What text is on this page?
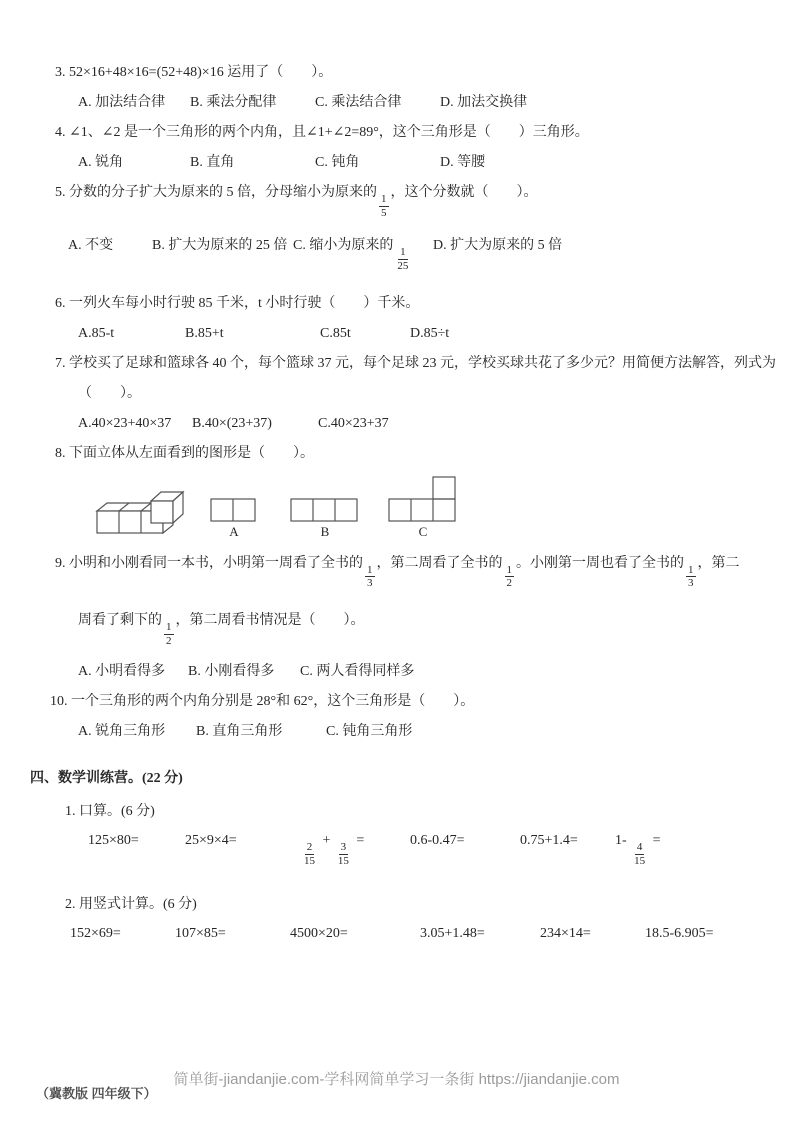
3. 52×16+48×16=(52+48)×16 运用了（　　）。
A. 加法结合律	B. 乘法分配律	C. 乘法结合律	D. 加法交换律
4. ∠1、∠2 是一个三角形的两个内角，且∠1+∠2=89°，这个三角形是（　　）三角形。
A. 锐角	B. 直角	C. 钝角	D. 等腰
5. 分数的分子扩大为原来的 5 倍，分母缩小为原来的
$\frac{1}{5}$
，这个分数就（　　）。
A. 不变	B. 扩大为原来的 25 倍 C. 缩小为原来的
$\frac{1}{25}$
D. 扩大为原来的 5 倍
6. 一列火车每小时行驶 85 千米，t 小时行驶（　　）千米。
A.85-t	B.85+t	C.85t	D.85÷t
7. 学校买了足球和篮球各 40 个，每个篮球 37 元，每个足球 23 元，学校买球共花了多少元？用简便方法解答，列式为
（　　）。
A.40×23+40×37	B.40×(23+37)	C.40×23+37
8. 下面立体从左面看到的图形是（　　）。
A	B	C
9. 小明和小刚看同一本书，小明第一周看了全书的
$\frac{1}{3}$
，第二周看了全书的
$\frac{1}{2}$
。小刚第一周也看了全书的
$\frac{1}{3}$
，第二
周看了剩下的
$\frac{1}{2}$
，第二周看书情况是（　　）。
A. 小明看得多	B. 小刚看得多	C. 两人看得同样多
10. 一个三角形的两个内角分别是 28°和 62°，这个三角形是（　　）。
A. 锐角三角形	B. 直角三角形	C. 钝角三角形
四、数学训练营。(22 分)
1. 口算。(6 分)
125×80=	25×9×4=
$\frac{2}{15}$
+
$\frac{3}{15}$
=	0.6-0.47=	0.75+1.4=	1-
$\frac{4}{15}$
=
2. 用竖式计算。(6 分)
152×69=	107×85=	4500×20=	3.05+1.48=	234×14=	18.5-6.905=
简单街-jiandanjie.com-学科网简单学习一条街 https://jiandanjie.com
（冀教版 四年级下）
